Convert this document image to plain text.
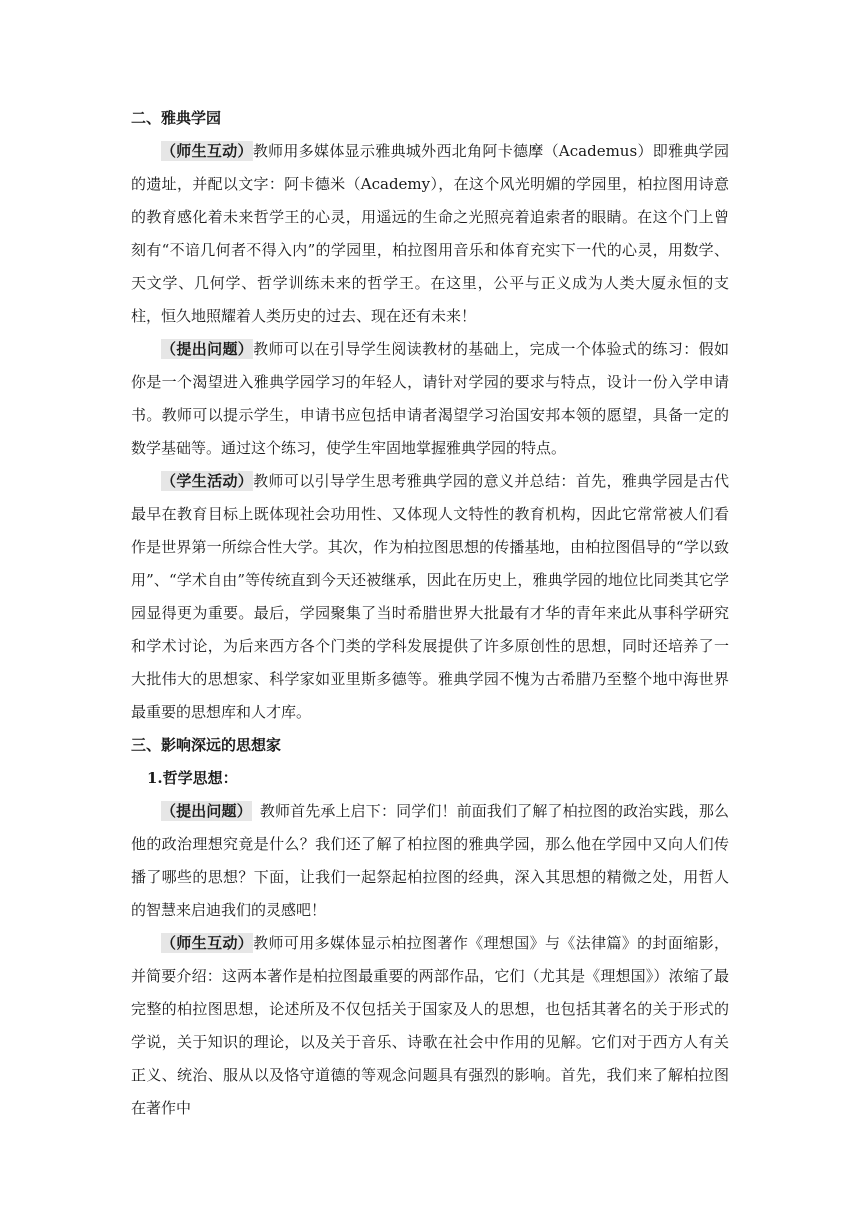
二、雅典学园

（师生互动）教师用多媒体显示雅典城外西北角阿卡德摩（Academus）即雅典学园的遗址，并配以文字：阿卡德米（Academy），在这个风光明媚的学园里，柏拉图用诗意的教育感化着未来哲学王的心灵，用遥远的生命之光照亮着追索者的眼睛。在这个门上曾刻有“不谙几何者不得入内”的学园里，柏拉图用音乐和体育充实下一代的心灵，用数学、天文学、几何学、哲学训练未来的哲学王。在这里，公平与正义成为人类大厦永恒的支柱，恒久地照耀着人类历史的过去、现在还有未来！

（提出问题）教师可以在引导学生阅读教材的基础上，完成一个体验式的练习：假如你是一个渴望进入雅典学园学习的年轻人，请针对学园的要求与特点，设计一份入学申请书。教师可以提示学生，申请书应包括申请者渴望学习治国安邦本领的愿望，具备一定的数学基础等。通过这个练习，使学生牢固地掌握雅典学园的特点。

（学生活动）教师可以引导学生思考雅典学园的意义并总结：首先，雅典学园是古代最早在教育目标上既体现社会功用性、又体现人文特性的教育机构，因此它常常被人们看作是世界第一所综合性大学。其次，作为柏拉图思想的传播基地，由柏拉图倡导的“学以致用”、“学术自由”等传统直到今天还被继承，因此在历史上，雅典学园的地位比同类其它学园显得更为重要。最后，学园聚集了当时希腊世界大批最有才华的青年来此从事科学研究和学术讨论，为后来西方各个门类的学科发展提供了许多原创性的思想，同时还培养了一大批伟大的思想家、科学家如亚里斯多德等。雅典学园不愧为古希腊乃至整个地中海世界最重要的思想库和人才库。

三、影响深远的思想家

1.哲学思想：

（提出问题） 教师首先承上启下：同学们！前面我们了解了柏拉图的政治实践，那么他的政治理想究竟是什么？我们还了解了柏拉图的雅典学园，那么他在学园中又向人们传播了哪些的思想？下面，让我们一起祭起柏拉图的经典，深入其思想的精微之处，用哲人的智慧来启迪我们的灵感吧！

（师生互动）教师可用多媒体显示柏拉图著作《理想国》与《法律篇》的封面缩影，并简要介绍：这两本著作是柏拉图最重要的两部作品，它们（尤其是《理想国》）浓缩了最完整的柏拉图思想，论述所及不仅包括关于国家及人的思想，也包括其著名的关于形式的学说，关于知识的理论，以及关于音乐、诗歌在社会中作用的见解。它们对于西方人有关正义、统治、服从以及恪守道德的等观念问题具有强烈的影响。首先，我们来了解柏拉图在著作中
